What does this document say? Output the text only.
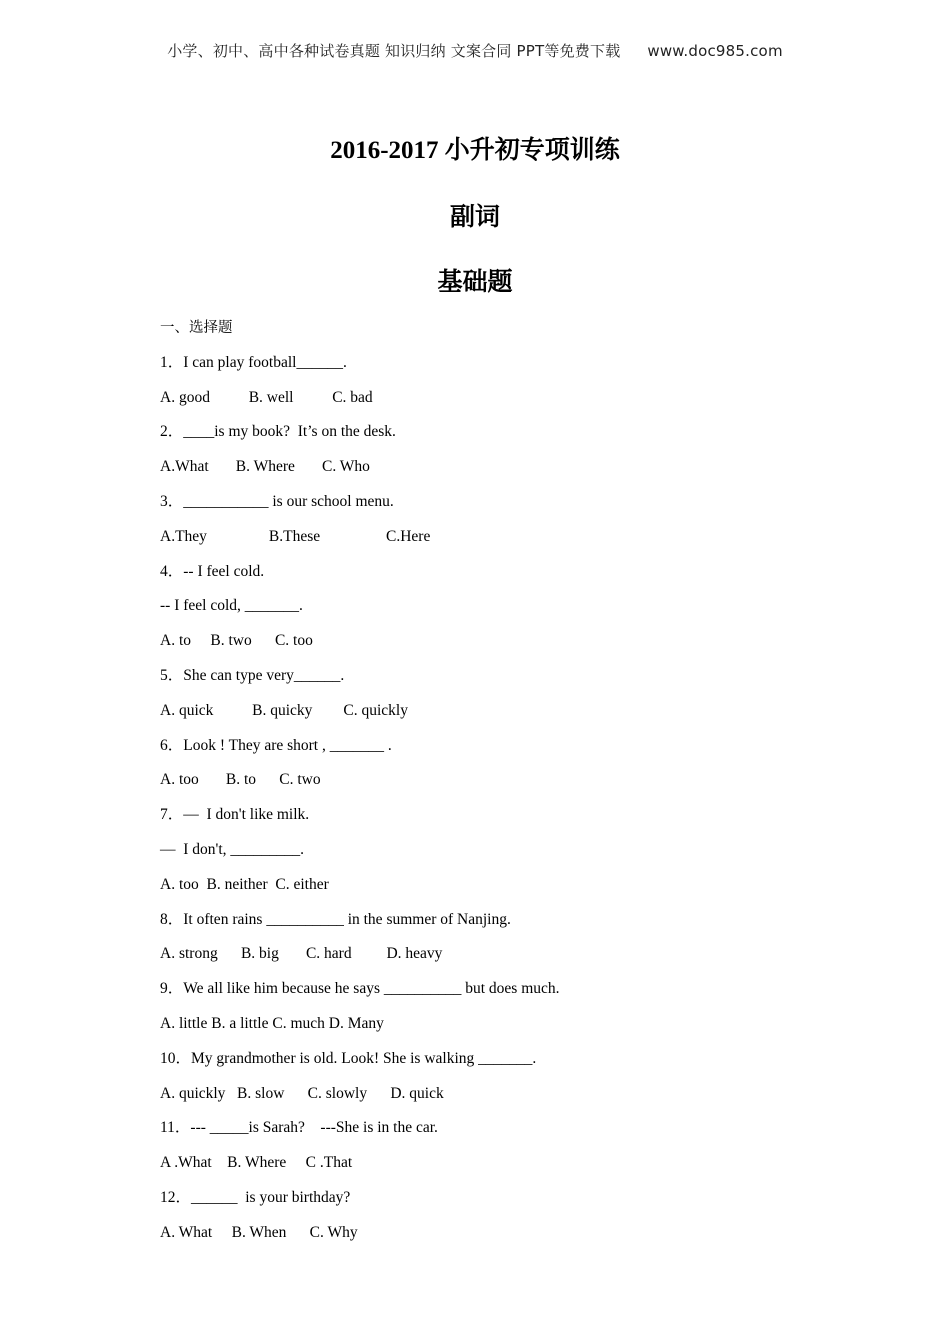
小学、初中、高中各种试卷真题 知识归纳 文案合同 PPT等免费下载 www.doc985.com
2016-2017 小升初专项训练
副词
基础题
一、选择题
1．I can play football______.
A. good          B. well          C. bad
2．____is my book?  It’s on the desk.
A.What       B. Where       C. Who
3．___________ is our school menu.
A.They                B.These                 C.Here
4．-- I feel cold.
-- I feel cold, _______.
A. to     B. two      C. too
5．She can type very______.
A. quick          B. quicky        C. quickly
6．Look ! They are short , _______ .
A. too       B. to      C. two
7．—  I don't like milk.
—  I don't, _________.
A. too  B. neither  C. either
8．It often rains __________ in the summer of Nanjing.
A. strong      B. big       C. hard         D. heavy
9．We all like him because he says __________ but does much.
A. little B. a little C. much D. Many
10．My grandmother is old. Look! She is walking _______.
A. quickly   B. slow      C. slowly      D. quick
11．--- _____is Sarah?    ---She is in the car.
A .What    B. Where     C .That
12．______  is your birthday?
A. What     B. When      C. Why
